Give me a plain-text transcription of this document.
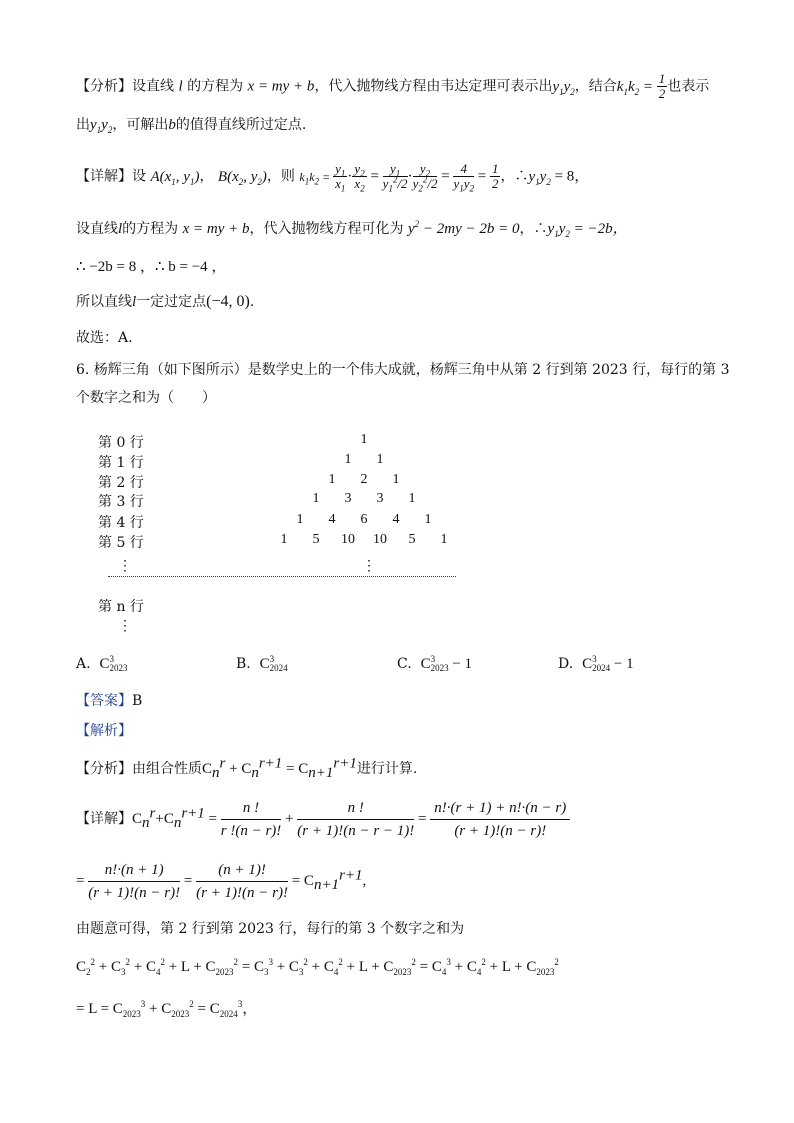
【分析】设直线 l 的方程为 x = my + b，代入抛物线方程由韦达定理可表示出$y_1y_2$，结合$k_1k_2 = \frac{1}{2}$ 也表示
出$y_1y_2$，可解出b的值得直线所过定点.
【详解】设 $A(x_1$, $y_1$)， $B(x_2$, $y_2$)，则 $k_1k_2 = \frac{y_1}{x_1} \cdot \frac{y_2}{x_2} = \frac{y_1}{y_1^2/2} \cdot \frac{y_2}{y_2^2/2} = \frac{4}{y_1y_2} = \frac{1}{2}$ ，$\therefore y_1y_2 = 8$，
设直线l的方程为 x = my + b，代入抛物线方程可化为 $y^2 - 2my - 2b = 0$，$\therefore y_1y_2 = -2b$，
∴ −2b = 8 ，∴ b = −4 ，
所以直线l一定过定点(−4, 0).
故选：A.
6. 杨辉三角（如下图所示）是数学史上的一个伟大成就，杨辉三角中从第 2 行到第 2023 行，每行的第 3
个数字之和为（　　）
第 n 行
A. C 3
2023	B. C 3
2024	C. C 3
2023 − 1	D. C 3
2024 − 1
【答案】B
【解析】
【分析】由组合性质$C_n^r + C_n^{r+1} = C_{n+1}^{r+1}$进行计算.
【详解】$C_n^r+C_n^{r+1} = \frac{n !}{r !(n - r)!} + \frac{n !}{(r + 1)!(n - r - 1)!} = \frac{n!\cdot(r + 1) + n!\cdot(n - r)}{(r + 1)!(n - r)!}$
= $\frac{n!\cdot(n + 1)}{(r + 1)!(n - r)!} = \frac{(n + 1)!}{(r + 1)!(n - r)!} = C_{n+1}^{r+1}$,
由题意可得，第 2 行到第 2023 行，每行的第 3 个数字之和为
$C_2^2 + C_3^2 + C_4^2 + L + C_{2023}^2 = C_3^3 + C_3^2 + C_4^2 + L + C_{2023}^2 = C_4^3 + C_4^2 + L + C_{2023}^2$
= $L = C_{2023}^3 + C_{2023}^2 = C_{2024}^3$，
第 0 行	1
第 1 行	1	1
第 2 行	1	2	1
第 3 行	1	3	3	1
第 4 行	1	4	6	4	1
第 5 行	1	5	10 10	5	1
⋮	⋮
⋮
